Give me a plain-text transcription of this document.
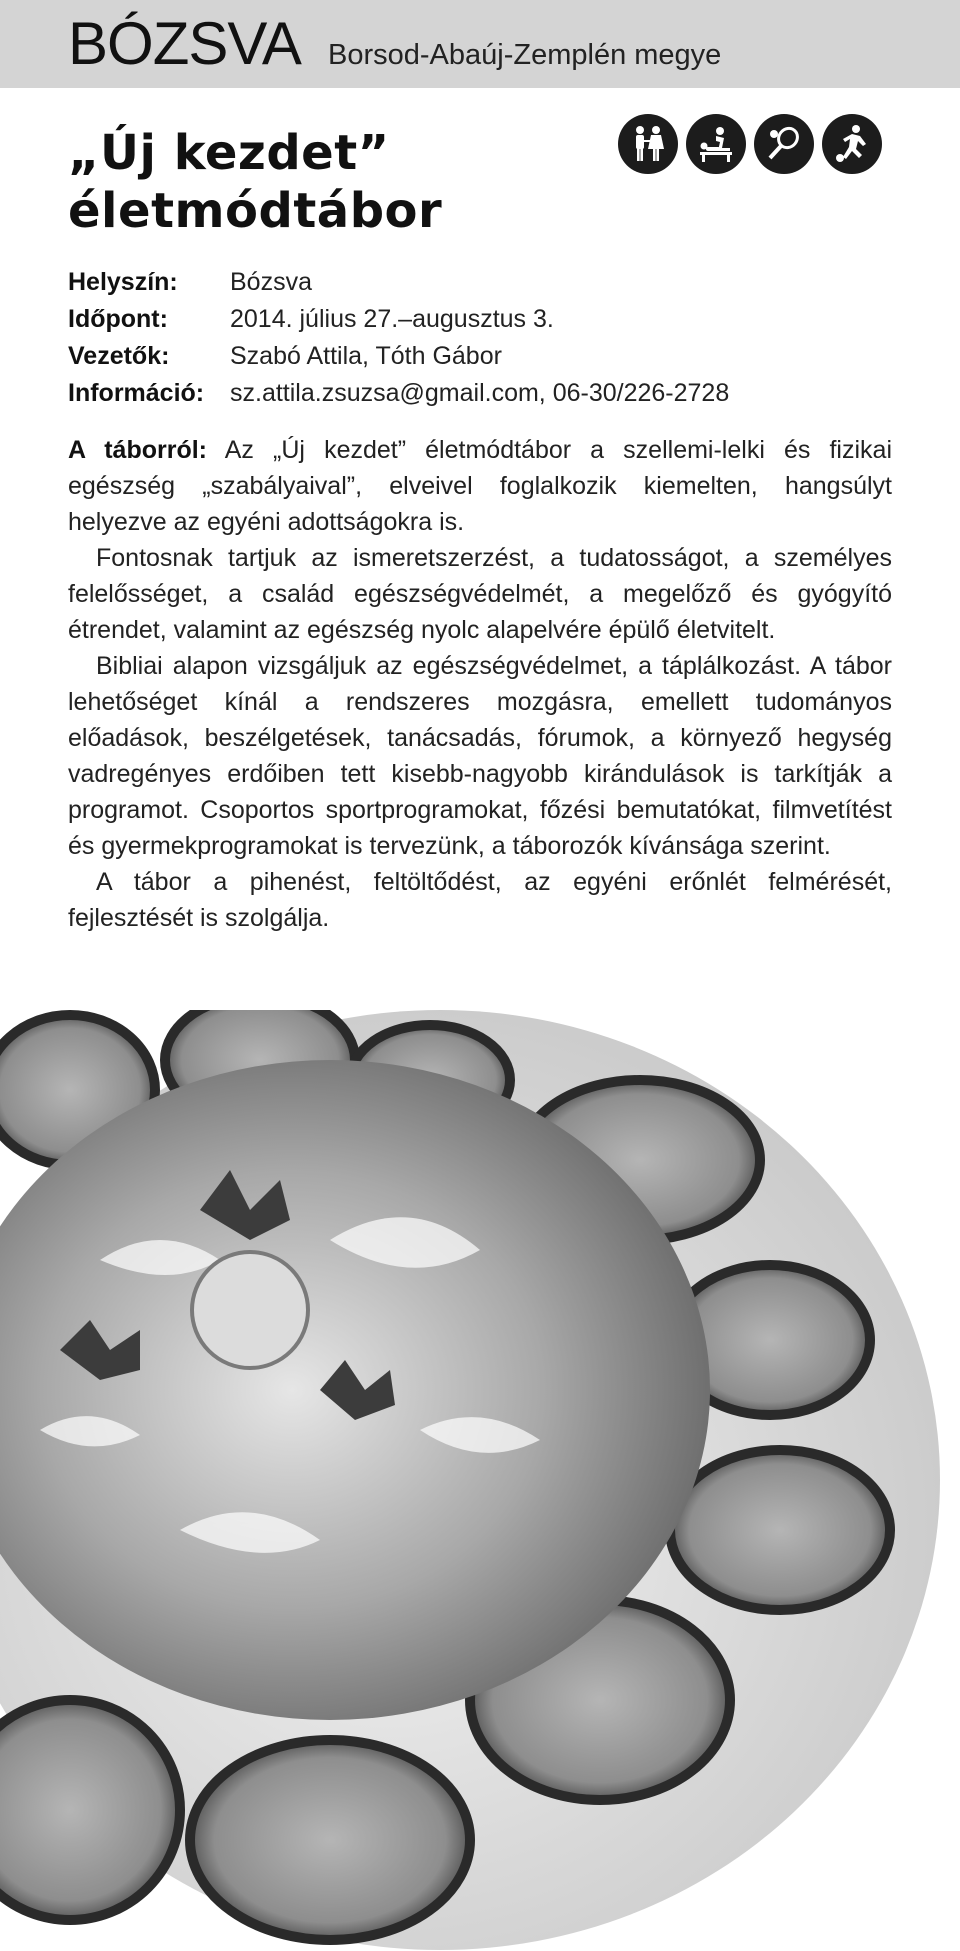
BÓZSVA Borsod-Abaúj-Zemplén megye
„Új kezdet”
életmódtábor
Helyszín:	Bózsva
Időpont:	2014. július 27.–augusztus 3.
Vezetők:	Szabó Attila, Tóth Gábor
Információ:	sz.attila.zsuzsa@gmail.com, 06-30/226-2728

A táborról: Az „Új kezdet” életmódtábor a szellemi-lelki és fizikai egészség „szabályaival”, elveivel foglalkozik kiemelten, hangsúlyt helyezve az egyéni adottságokra is.

Fontosnak tartjuk az ismeretszerzést, a tudatosságot, a személyes felelősséget, a család egészségvédelmét, a megelőző és gyógyító étrendet, valamint az egészség nyolc alapelvére épülő életvitelt.

Bibliai alapon vizsgáljuk az egészségvédelmet, a táplálkozást. A tábor lehetőséget kínál a rendszeres mozgásra, emellett tudományos előadások, beszélgetések, tanácsadás, fórumok, a környező hegység vadregényes erdőiben tett kisebb-nagyobb kirándulások is tarkítják a programot. Csoportos sportprogramokat, főzési bemutatókat, filmvetítést és gyermekprogramokat is tervezünk, a táborozók kívánsága szerint.

A tábor a pihenést, feltöltődést, az egyéni erőnlét felmérését, fejlesztését is szolgálja.
